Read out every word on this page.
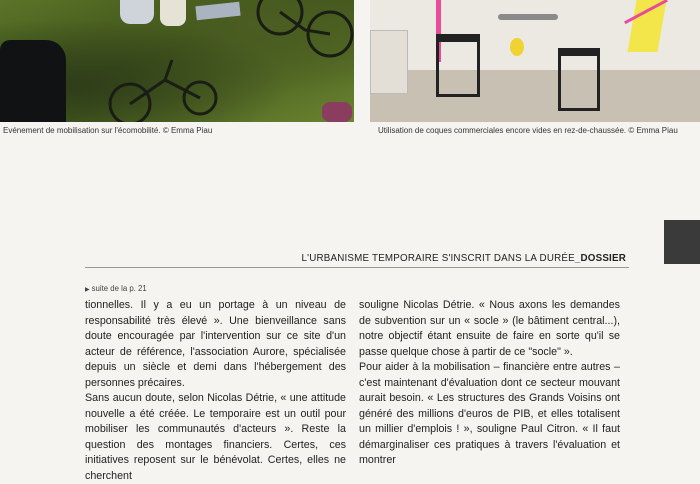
Evénement de mobilisation sur l'écomobilité. © Emma Piau	Utilisation de coques commerciales encore vides en rez-de-chaussée. © Emma Piau
L'URBANISME TEMPORAIRE S'INSCRIT DANS LA DURÉE_DOSSIER
▶ suite de la p. 21

tionnelles. Il y a eu un portage à un niveau de responsabilité très élevé ». Une bienveillance sans doute encouragée par l'intervention sur ce site d'un acteur de référence, l'association Aurore, spécialisée depuis un siècle et demi dans l'hébergement des personnes précaires.

Sans aucun doute, selon Nicolas Détrie, « une attitude nouvelle a été créée. Le temporaire est un outil pour mobiliser les communautés d'acteurs ». Reste la question des montages financiers. Certes, ces initiatives reposent sur le bénévolat. Certes, elles ne cherchent

souligne Nicolas Détrie. « Nous axons les demandes de subvention sur un « socle » (le bâtiment central...), notre objectif étant ensuite de faire en sorte qu'il se passe quelque chose à partir de ce "socle" ».

Pour aider à la mobilisation – financière entre autres – c'est maintenant d'évaluation dont ce secteur mouvant aurait besoin. « Les structures des Grands Voisins ont généré des millions d'euros de PIB, et elles totalisent un millier d'emplois ! », souligne Paul Citron. « Il faut démarginaliser ces pratiques à travers l'évaluation et montrer
